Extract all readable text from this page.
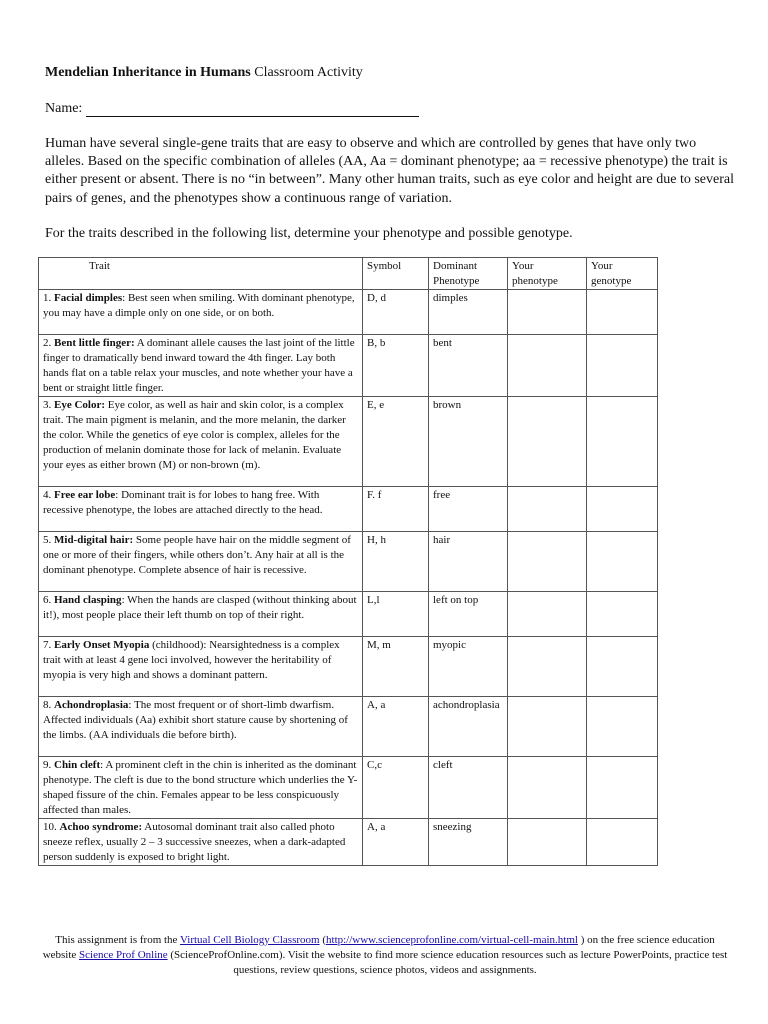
Mendelian Inheritance in Humans Classroom Activity
Name:
Human have several single-gene traits that are easy to observe and which are controlled by genes that have only two alleles. Based on the specific combination of alleles (AA, Aa = dominant phenotype; aa = recessive phenotype) the trait is either present or absent. There is no “in between”. Many other human traits, such as eye color and height are due to several pairs of genes, and the phenotypes show a continuous range of variation.
For the traits described in the following list, determine your phenotype and possible genotype.
Trait	Symbol	Dominant Phenotype	Your phenotype	Your genotype
1. Facial dimples: Best seen when smiling. With dominant phenotype, you may have a dimple only on one side, or on both.	D, d	dimples		
2. Bent little finger: A dominant allele causes the last joint of the little finger to dramatically bend inward toward the 4th finger. Lay both hands flat on a table relax your muscles, and note whether your have a bent or straight little finger.	B, b	bent		
3. Eye Color: Eye color, as well as hair and skin color, is a complex trait. The main pigment is melanin, and the more melanin, the darker the color. While the genetics of eye color is complex, alleles for the production of melanin dominate those for lack of melanin. Evaluate your eyes as either brown (M) or non-brown (m).	E, e	brown		
4. Free ear lobe: Dominant trait is for lobes to hang free. With recessive phenotype, the lobes are attached directly to the head.	F. f	free		
5. Mid-digital hair: Some people have hair on the middle segment of one or more of their fingers, while others don’t. Any hair at all is the dominant phenotype. Complete absence of hair is recessive.	H, h	hair		
6. Hand clasping: When the hands are clasped (without thinking about it!), most people place their left thumb on top of their right.	L,l	left on top		
7. Early Onset Myopia (childhood): Nearsightedness is a complex trait with at least 4 gene loci involved, however the heritability of myopia is very high and shows a dominant pattern.	M, m	myopic		
8. Achondroplasia: The most frequent or of short-limb dwarfism. Affected individuals (Aa) exhibit short stature cause by shortening of the limbs. (AA individuals die before birth).	A, a	achondroplasia		
9. Chin cleft: A prominent cleft in the chin is inherited as the dominant phenotype. The cleft is due to the bond structure which underlies the Y-shaped fissure of the chin. Females appear to be less conspicuously affected than males.	C,c	cleft		
10. Achoo syndrome: Autosomal dominant trait also called photo sneeze reflex, usually 2 – 3 successive sneezes, when a dark-adapted person suddenly is exposed to bright light.	A, a	sneezing		
This assignment is from the Virtual Cell Biology Classroom (http://www.scienceprofonline.com/virtual-cell-main.html ) on the free science education website Science Prof Online (ScienceProfOnline.com). Visit the website to find more science education resources such as lecture PowerPoints, practice test questions, review questions, science photos, videos and assignments.
